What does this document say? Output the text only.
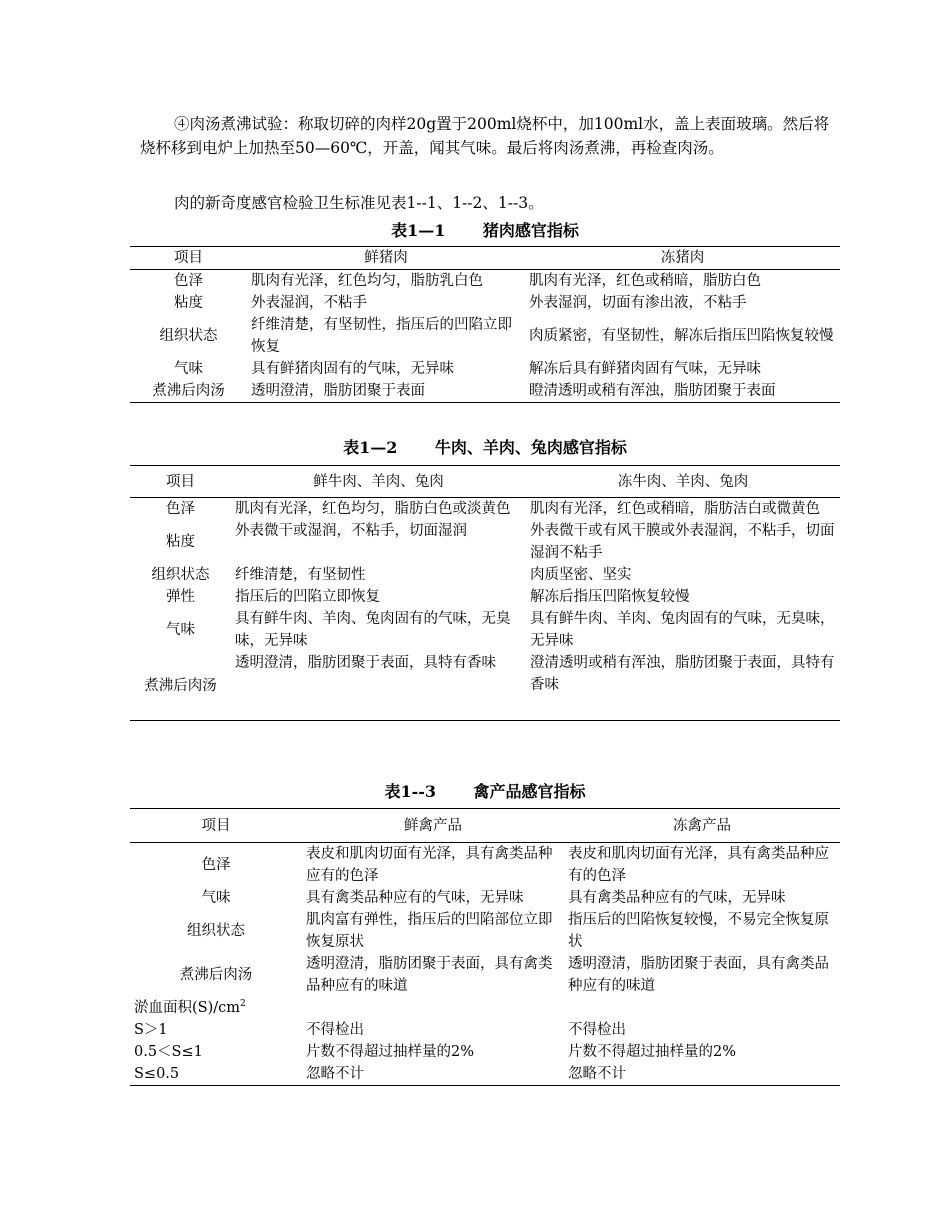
④肉汤煮沸试验：称取切碎的肉样20g置于200ml烧杯中，加100ml水，盖上表面玻璃。然后将烧杯移到电炉上加热至50—60℃，开盖，闻其气味。最后将肉汤煮沸，再检查肉汤。
肉的新奇度感官检验卫生标准见表1--1、1--2、1--3。
表1—1　　 猪肉感官指标
项目	鲜猪肉	冻猪肉
色泽	肌肉有光泽，红色均匀，脂肪乳白色	肌肉有光泽，红色或稍暗，脂肪白色
粘度	外表湿润，不粘手	外表湿润，切面有渗出液，不粘手
组织状态	纤维清楚，有坚韧性，指压后的凹陷立即恢复	肉质紧密，有坚韧性，解冻后指压凹陷恢复较慢
气味	具有鲜猪肉固有的气味，无异味	解冻后具有鲜猪肉固有气味，无异味
煮沸后肉汤	透明澄清，脂肪团聚于表面	瞪清透明或稍有浑浊，脂肪团聚于表面
表1—2　　 牛肉、羊肉、兔肉感官指标
项目	鲜牛肉、羊肉、兔肉	冻牛肉、羊肉、兔肉
色泽	肌肉有光泽，红色均匀，脂肪白色或淡黄色	肌肉有光泽，红色或稍暗，脂肪洁白或微黄色
粘度	外表微干或湿润，不粘手，切面湿润	外表微干或有风干膜或外表湿润，不粘手，切面湿润不粘手
组织状态	纤维清楚，有坚韧性	肉质坚密、坚实
弹性	指压后的凹陷立即恢复	解冻后指压凹陷恢复较慢
气味	具有鲜牛肉、羊肉、兔肉固有的气味，无臭味，无异味	具有鲜牛肉、羊肉、兔肉固有的气味，无臭味，无异味
煮沸后肉汤	透明澄清，脂肪团聚于表面，具特有香味	澄清透明或稍有浑浊，脂肪团聚于表面，具特有香味
表1--3　　 禽产品感官指标
项目	鲜禽产品	冻禽产品
色泽	表皮和肌肉切面有光泽，具有禽类品种应有的色泽	表皮和肌肉切面有光泽，具有禽类品种应有的色泽
气味	具有禽类品种应有的气味，无异味	具有禽类品种应有的气味，无异味
组织状态	肌肉富有弹性，指压后的凹陷部位立即恢复原状	指压后的凹陷恢复较慢，不易完全恢复原状
煮沸后肉汤	透明澄清，脂肪团聚于表面，具有禽类品种应有的味道	透明澄清，脂肪团聚于表面，具有禽类品种应有的味道
淤血面积$(S)/cm^2$
S＞1	不得检出	不得检出
0.5＜S≤1	片数不得超过抽样量的2%	片数不得超过抽样量的2%
S≤0.5	忽略不计	忽略不计
